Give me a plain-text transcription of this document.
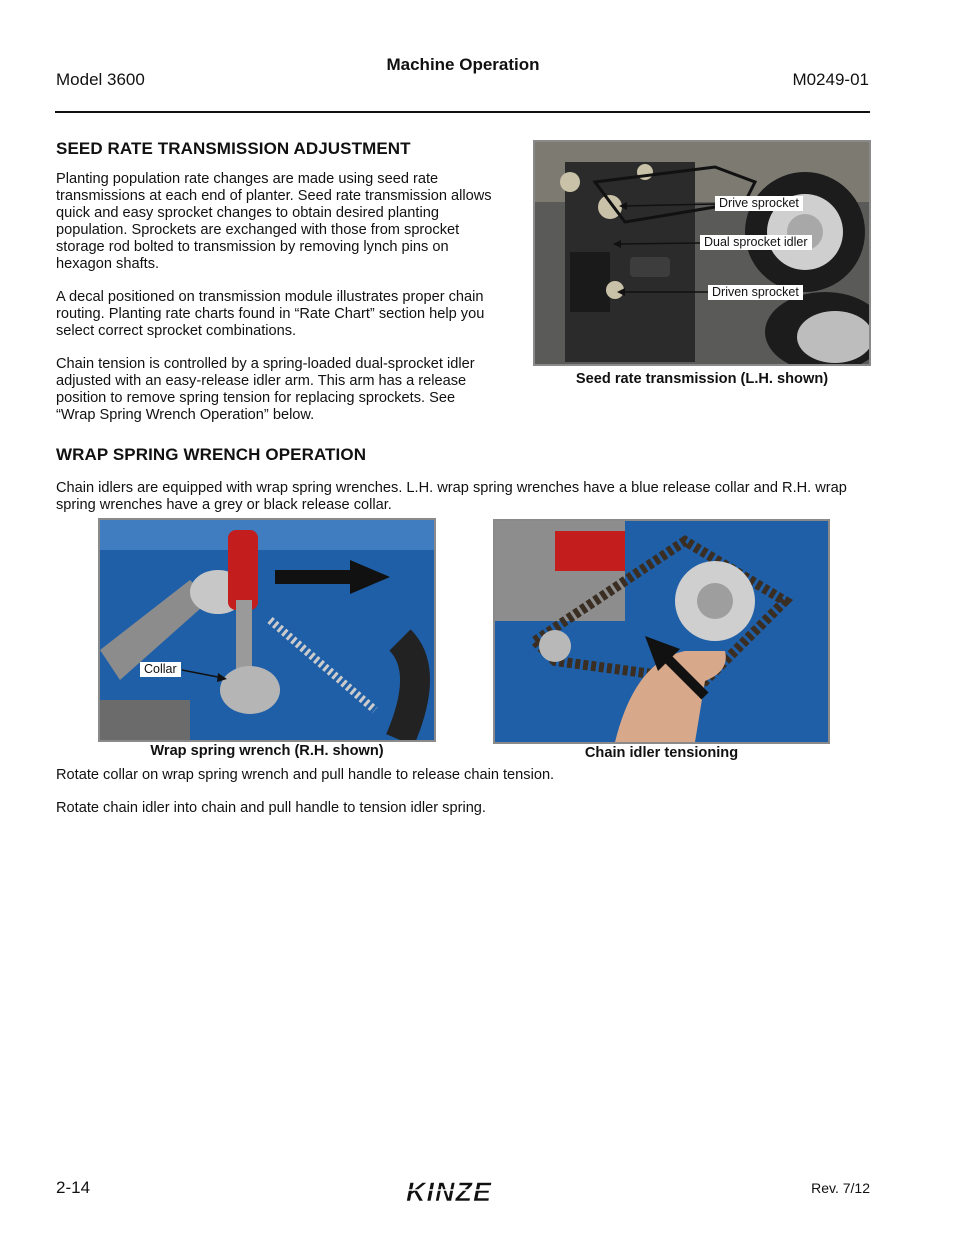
Model 3600
Machine Operation
M0249-01
SEED RATE TRANSMISSION ADJUSTMENT

Planting population rate changes are made using seed rate transmissions at each end of planter. Seed rate transmission allows quick and easy sprocket changes to obtain desired planting population. Sprockets are exchanged with those from sprocket storage rod bolted to transmission by removing lynch pins on hexagon shafts.

A decal positioned on transmission module illustrates proper chain routing. Planting rate charts found in “Rate Chart” section help you select correct sprocket combinations.

Chain tension is controlled by a spring-loaded dual-sprocket idler adjusted with an easy-release idler arm. This arm has a release position to remove spring tension for replacing sprockets. See “Wrap Spring Wrench Operation” below.

Drive sprocket
Dual sprocket idler
Driven sprocket
Seed rate transmission (L.H. shown)
WRAP SPRING WRENCH OPERATION
Chain idlers are equipped with wrap spring wrenches. L.H. wrap spring wrenches have a blue release collar and R.H. wrap spring wrenches have a grey or black release collar.
Collar
Wrap spring wrench (R.H. shown)	Chain idler tensioning
Rotate collar on wrap spring wrench and pull handle to release chain tension.
Rotate chain idler into chain and pull handle to tension idler spring.
2-14	KINZE	Rev. 7/12
